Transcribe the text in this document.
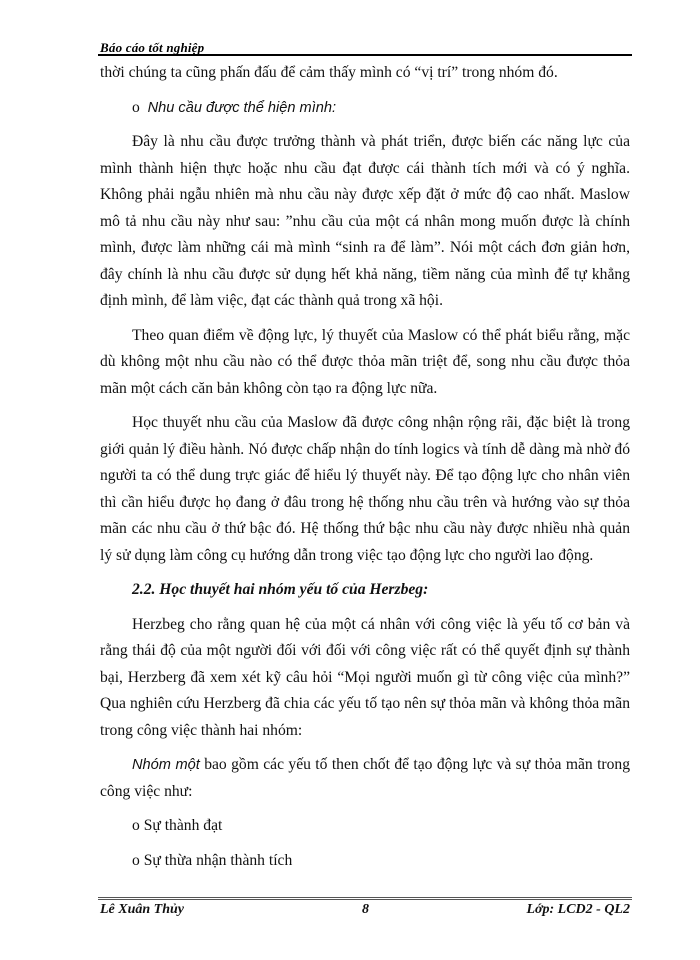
Báo cáo tốt nghiệp

thời chúng ta cũng phấn đấu để cảm thấy mình có “vị trí” trong nhóm đó.

o Nhu cầu được thể hiện mình:

Đây là nhu cầu được trưởng thành và phát triển, được biến các năng lực của mình thành hiện thực hoặc nhu cầu đạt được cái thành tích mới và có ý nghĩa. Không phải ngẫu nhiên mà nhu cầu này được xếp đặt ở mức độ cao nhất. Maslow mô tả nhu cầu này như sau: ”nhu cầu của một cá nhân mong muốn được là chính mình, được làm những cái mà mình “sinh ra để làm”. Nói một cách đơn giản hơn, đây chính là nhu cầu được sử dụng hết khả năng, tiềm năng của mình để tự khẳng định mình, để làm việc, đạt các thành quả trong xã hội.

Theo quan điểm về động lực, lý thuyết của Maslow có thể phát biểu rằng, mặc dù không một nhu cầu nào có thể được thỏa mãn triệt để, song nhu cầu được thỏa mãn một cách căn bản không còn tạo ra động lực nữa.

Học thuyết nhu cầu của Maslow đã được công nhận rộng rãi, đặc biệt là trong giới quản lý điều hành. Nó được chấp nhận do tính logics và tính dễ dàng mà nhờ đó người ta có thể dung trực giác để hiểu lý thuyết này. Để tạo động lực cho nhân viên thì cần hiểu được họ đang ở đâu trong hệ thống nhu cầu trên và hướng vào sự thỏa mãn các nhu cầu ở thứ bậc đó. Hệ thống thứ bậc nhu cầu này được nhiều nhà quản lý sử dụng làm công cụ hướng dẫn trong việc tạo động lực cho người lao động.

2.2. Học thuyết hai nhóm yếu tố của Herzbeg:

Herzbeg cho rằng quan hệ của một cá nhân với công việc là yếu tố cơ bản và rằng thái độ của một người đối với đối với công việc rất có thể quyết định sự thành bại, Herzberg đã xem xét kỹ câu hỏi “Mọi người muốn gì từ công việc của mình?” Qua nghiên cứu Herzberg đã chia các yếu tố tạo nên sự thỏa mãn và không thỏa mãn trong công việc thành hai nhóm:

Nhóm một bao gồm các yếu tố then chốt để tạo động lực và sự thỏa mãn trong công việc như:

o Sự thành đạt

o Sự thừa nhận thành tích

Lê Xuân Thủy	8	Lớp: LCD2 - QL2
